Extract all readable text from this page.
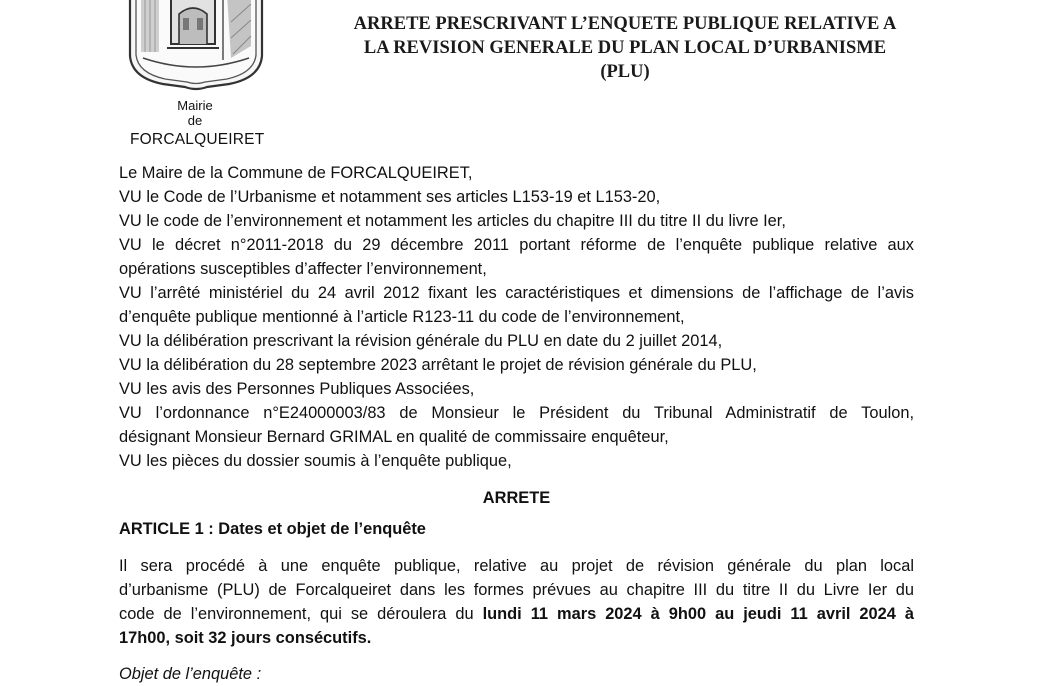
Mairie
de
FORCALQUEIRET
ARRETE PRESCRIVANT L’ENQUETE PUBLIQUE RELATIVE A
LA REVISION GENERALE DU PLAN LOCAL D’URBANISME
(PLU)
Le Maire de la Commune de FORCALQUEIRET,
VU le Code de l’Urbanisme et notamment ses articles L153-19 et L153-20,
VU le code de l’environnement et notamment les articles du chapitre III du titre II du livre Ier,
VU le décret n°2011-2018 du 29 décembre 2011 portant réforme de l’enquête publique relative aux
opérations susceptibles d’affecter l’environnement,
VU l’arrêté ministériel du 24 avril 2012 fixant les caractéristiques et dimensions de l’affichage de l’avis
d’enquête publique mentionné à l’article R123-11 du code de l’environnement,
VU la délibération prescrivant la révision générale du PLU en date du 2 juillet 2014,
VU la délibération du 28 septembre 2023 arrêtant le projet de révision générale du PLU,
VU les avis des Personnes Publiques Associées,
VU l’ordonnance n°E24000003/83 de Monsieur le Président du Tribunal Administratif de Toulon,
désignant Monsieur Bernard GRIMAL en qualité de commissaire enquêteur,
VU les pièces du dossier soumis à l’enquête publique,
ARRETE
ARTICLE 1 : Dates et objet de l’enquête
Il sera procédé à une enquête publique, relative au projet de révision générale du plan local
d’urbanisme (PLU) de Forcalqueiret dans les formes prévues au chapitre III du titre II du Livre Ier du
code de l’environnement, qui se déroulera du lundi 11 mars 2024 à 9h00 au jeudi 11 avril 2024 à
17h00, soit 32 jours consécutifs.
Objet de l’enquête :
